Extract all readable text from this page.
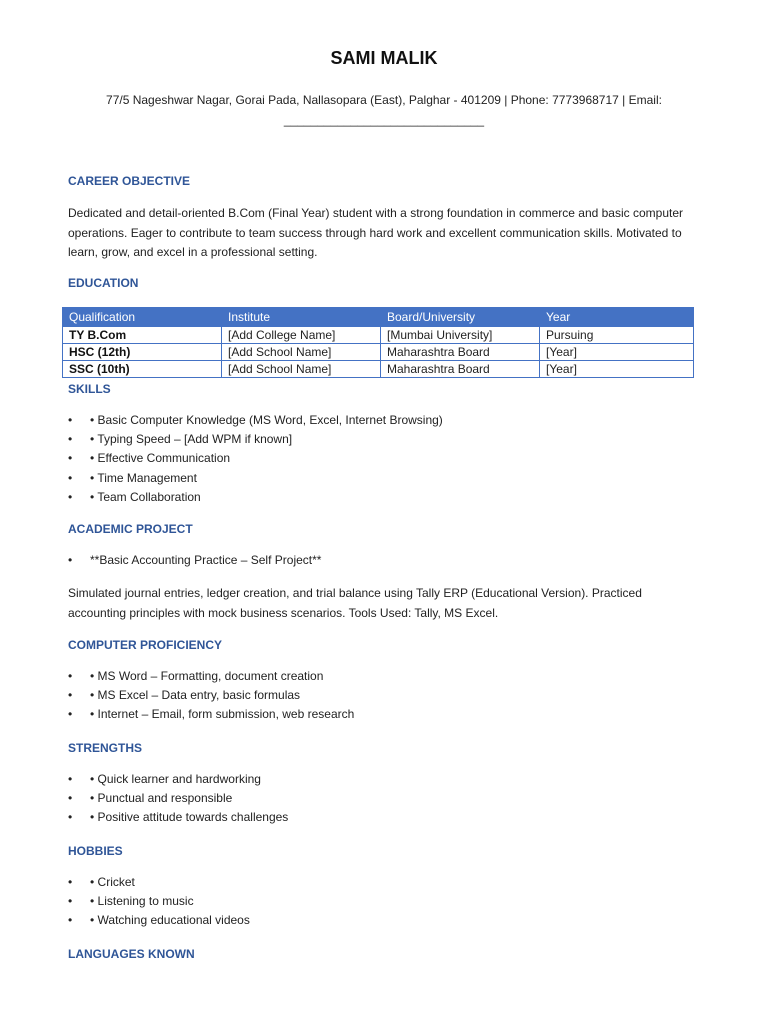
SAMI MALIK
77/5 Nageshwar Nagar, Gorai Pada, Nallasopara (East), Palghar - 401209 | Phone: 7773968717 | Email:
______________________________
CAREER OBJECTIVE
Dedicated and detail-oriented B.Com (Final Year) student with a strong foundation in commerce and basic computer operations. Eager to contribute to team success through hard work and excellent communication skills. Motivated to learn, grow, and excel in a professional setting.
EDUCATION
Qualification	Institute	Board/University	Year
TY B.Com	[Add College Name]	[Mumbai University]	Pursuing
HSC (12th)	[Add School Name]	Maharashtra Board	[Year]
SSC (10th)	[Add School Name]	Maharashtra Board	[Year]
SKILLS
• • Basic Computer Knowledge (MS Word, Excel, Internet Browsing)
• • Typing Speed – [Add WPM if known]
• • Effective Communication
• • Time Management
• • Team Collaboration
ACADEMIC PROJECT
• **Basic Accounting Practice – Self Project**
Simulated journal entries, ledger creation, and trial balance using Tally ERP (Educational Version). Practiced accounting principles with mock business scenarios. Tools Used: Tally, MS Excel.
COMPUTER PROFICIENCY
• • MS Word – Formatting, document creation
• • MS Excel – Data entry, basic formulas
• • Internet – Email, form submission, web research
STRENGTHS
• • Quick learner and hardworking
• • Punctual and responsible
• • Positive attitude towards challenges
HOBBIES
• • Cricket
• • Listening to music
• • Watching educational videos
LANGUAGES KNOWN
